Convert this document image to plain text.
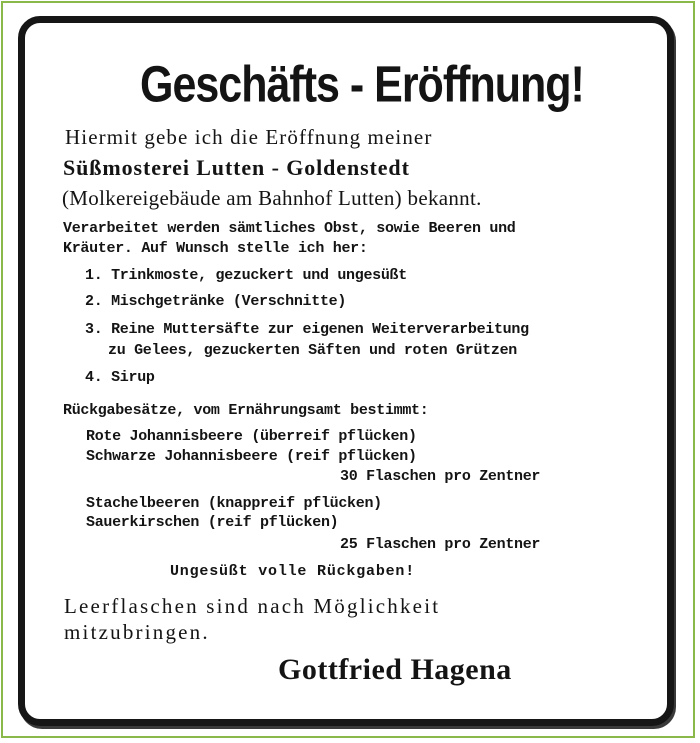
Geschäfts - Eröffnung!
Hiermit gebe ich die Eröffnung meiner
Süßmosterei Lutten - Goldenstedt
(Molkereigebäude am Bahnhof Lutten) bekannt.
Verarbeitet werden sämtliches Obst, sowie Beeren und
Kräuter. Auf Wunsch stelle ich her:
1. Trinkmoste, gezuckert und ungesüßt
2. Mischgetränke (Verschnitte)
3. Reine Muttersäfte zur eigenen Weiterverarbeitung
zu Gelees, gezuckerten Säften und roten Grützen
4. Sirup
Rückgabesätze, vom Ernährungsamt bestimmt:
Rote Johannisbeere (überreif pflücken)
Schwarze Johannisbeere (reif pflücken)
30 Flaschen pro Zentner
Stachelbeeren (knappreif pflücken)
Sauerkirschen (reif pflücken)
25 Flaschen pro Zentner
Ungesüßt volle Rückgaben!
Leerflaschen sind nach Möglichkeit
mitzubringen.
Gottfried Hagena
